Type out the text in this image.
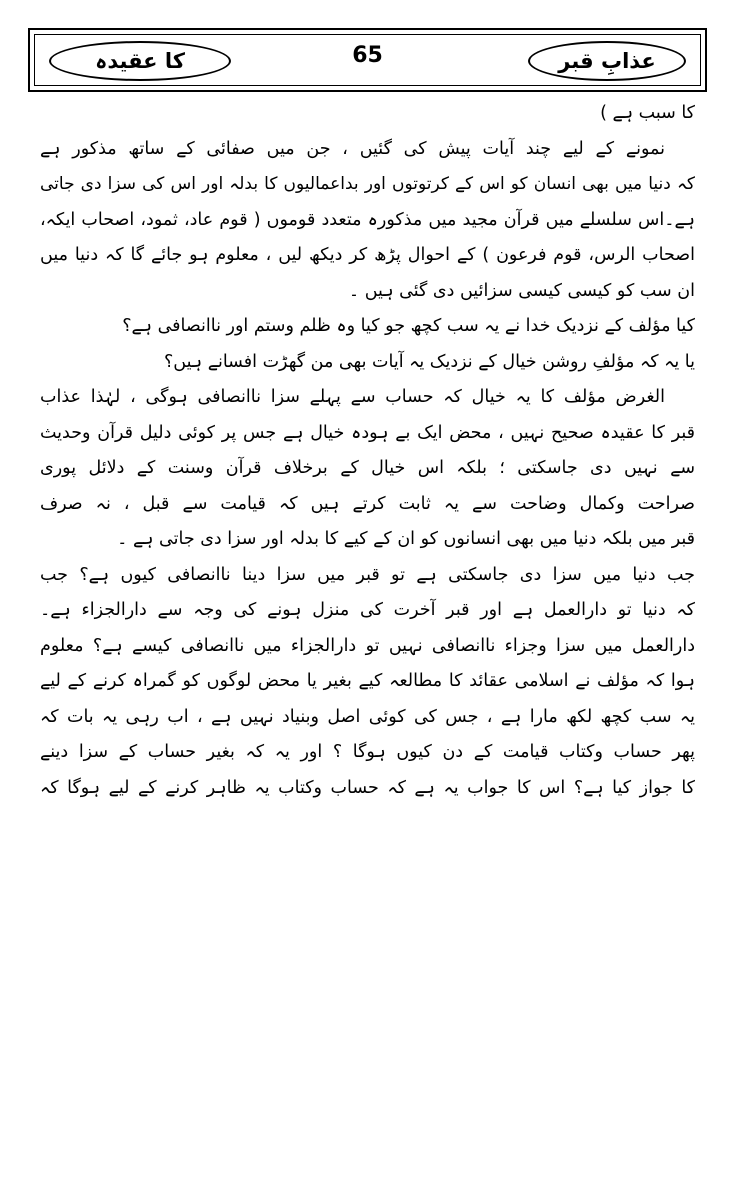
کا عقیدہ	65	عذابِ قبر
کا سبب ہے )
نمونے کے لیے چند آیات پیش کی گئیں ، جن میں صفائی کے ساتھ مذکور ہے
کہ دنیا میں بھی انسان کو اس کے کرتوتوں اور بداعمالیوں کا بدلہ اور اس کی سزا دی جاتی
ہے۔اس سلسلے میں قرآن مجید میں مذکورہ متعدد قوموں ( قوم عاد، ثمود، اصحاب ایکہ،
اصحاب الرس، قوم فرعون ) کے احوال پڑھ کر دیکھ لیں ، معلوم ہو جائے گا کہ دنیا میں
ان سب کو کیسی کیسی سزائیں دی گئی ہیں ۔
کیا مؤلف کے نزدیک خدا نے یہ سب کچھ جو کیا وہ ظلم وستم اور ناانصافی ہے؟
یا یہ کہ مؤلفِ روشن خیال کے نزدیک یہ آیات بھی من گھڑت افسانے ہیں؟
الغرض مؤلف کا یہ خیال کہ حساب سے پہلے سزا ناانصافی ہوگی ، لہٰذا عذاب
قبر کا عقیدہ صحیح نہیں ، محض ایک بے ہودہ خیال ہے جس پر کوئی دلیل قرآن وحدیث
سے نہیں دی جاسکتی ؛ بلکہ اس خیال کے برخلاف قرآن وسنت کے دلائل پوری
صراحت وکمال وضاحت سے یہ ثابت کرتے ہیں کہ قیامت سے قبل ، نہ صرف
قبر میں بلکہ دنیا میں بھی انسانوں کو ان کے کیے کا بدلہ اور سزا دی جاتی ہے ۔
جب دنیا میں سزا دی جاسکتی ہے تو قبر میں سزا دینا ناانصافی کیوں ہے؟ جب
کہ دنیا تو دارالعمل ہے اور قبر آخرت کی منزل ہونے کی وجہ سے دارالجزاء ہے۔
دارالعمل میں سزا وجزاء ناانصافی نہیں تو دارالجزاء میں ناانصافی کیسے ہے؟ معلوم
ہوا کہ مؤلف نے اسلامی عقائد کا مطالعہ کیے بغیر یا محض لوگوں کو گمراہ کرنے کے لیے
یہ سب کچھ لکھ مارا ہے ، جس کی کوئی اصل وبنیاد نہیں ہے ، اب رہی یہ بات کہ
پھر حساب وکتاب قیامت کے دن کیوں ہوگا ؟ اور یہ کہ بغیر حساب کے سزا دینے
کا جواز کیا ہے؟ اس کا جواب یہ ہے کہ حساب وکتاب یہ ظاہر کرنے کے لیے ہوگا کہ
